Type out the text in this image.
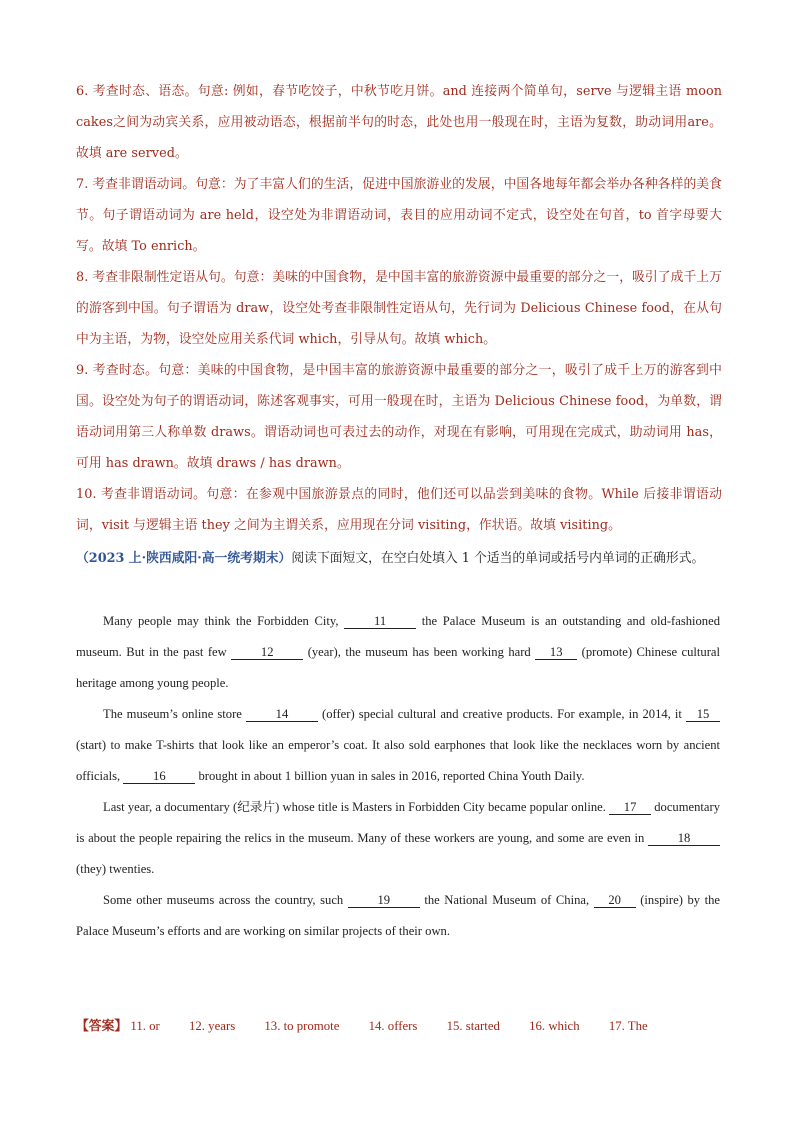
6. 考查时态、语态。句意: 例如，春节吃饺子，中秋节吃月饼。and 连接两个简单句，serve 与逻辑主语 moon cakes之间为动宾关系，应用被动语态，根据前半句的时态，此处也用一般现在时，主语为复数，助动词用are。故填 are served。

7. 考查非谓语动词。句意：为了丰富人们的生活，促进中国旅游业的发展，中国各地每年都会举办各种各样的美食节。句子谓语动词为 are held，设空处为非谓语动词，表目的应用动词不定式，设空处在句首，to 首字母要大写。故填 To enrich。

8. 考查非限制性定语从句。句意：美味的中国食物，是中国丰富的旅游资源中最重要的部分之一，吸引了成千上万的游客到中国。句子谓语为 draw，设空处考查非限制性定语从句，先行词为 Delicious Chinese food，在从句中为主语，为物，设空处应用关系代词 which，引导从句。故填 which。

9. 考查时态。句意：美味的中国食物，是中国丰富的旅游资源中最重要的部分之一，吸引了成千上万的游客到中国。设空处为句子的谓语动词，陈述客观事实，可用一般现在时，主语为 Delicious Chinese food，为单数，谓语动词用第三人称单数 draws。谓语动词也可表过去的动作，对现在有影响，可用现在完成式，助动词用 has，可用 has drawn。故填 draws / has drawn。

10. 考查非谓语动词。句意：在参观中国旅游景点的同时，他们还可以品尝到美味的食物。While 后接非谓语动词，visit 与逻辑主语 they 之间为主谓关系，应用现在分词 visiting，作状语。故填 visiting。

（2023 上·陕西咸阳·高一统考期末）阅读下面短文，在空白处填入 1 个适当的单词或括号内单词的正确形式。

Many people may think the Forbidden City, 11 the Palace Museum is an outstanding and old-fashioned museum. But in the past few 12 (year), the museum has been working hard 13 (promote) Chinese cultural heritage among young people.

The museum’s online store 14 (offer) special cultural and creative products. For example, in 2014, it 15 (start) to make T-shirts that look like an emperor’s coat. It also sold earphones that look like the necklaces worn by ancient officials, 16 brought in about 1 billion yuan in sales in 2016, reported China Youth Daily.

Last year, a documentary (纪录片) whose title is Masters in Forbidden City became popular online. 17 documentary is about the people repairing the relics in the museum. Many of these workers are young, and some are even in 18 (they) twenties.

Some other museums across the country, such 19 the National Museum of China, 20 (inspire) by the Palace Museum’s efforts and are working on similar projects of their own.

【答案】 11. or 12. years 13. to promote 14. offers 15. started 16. which 17. The
